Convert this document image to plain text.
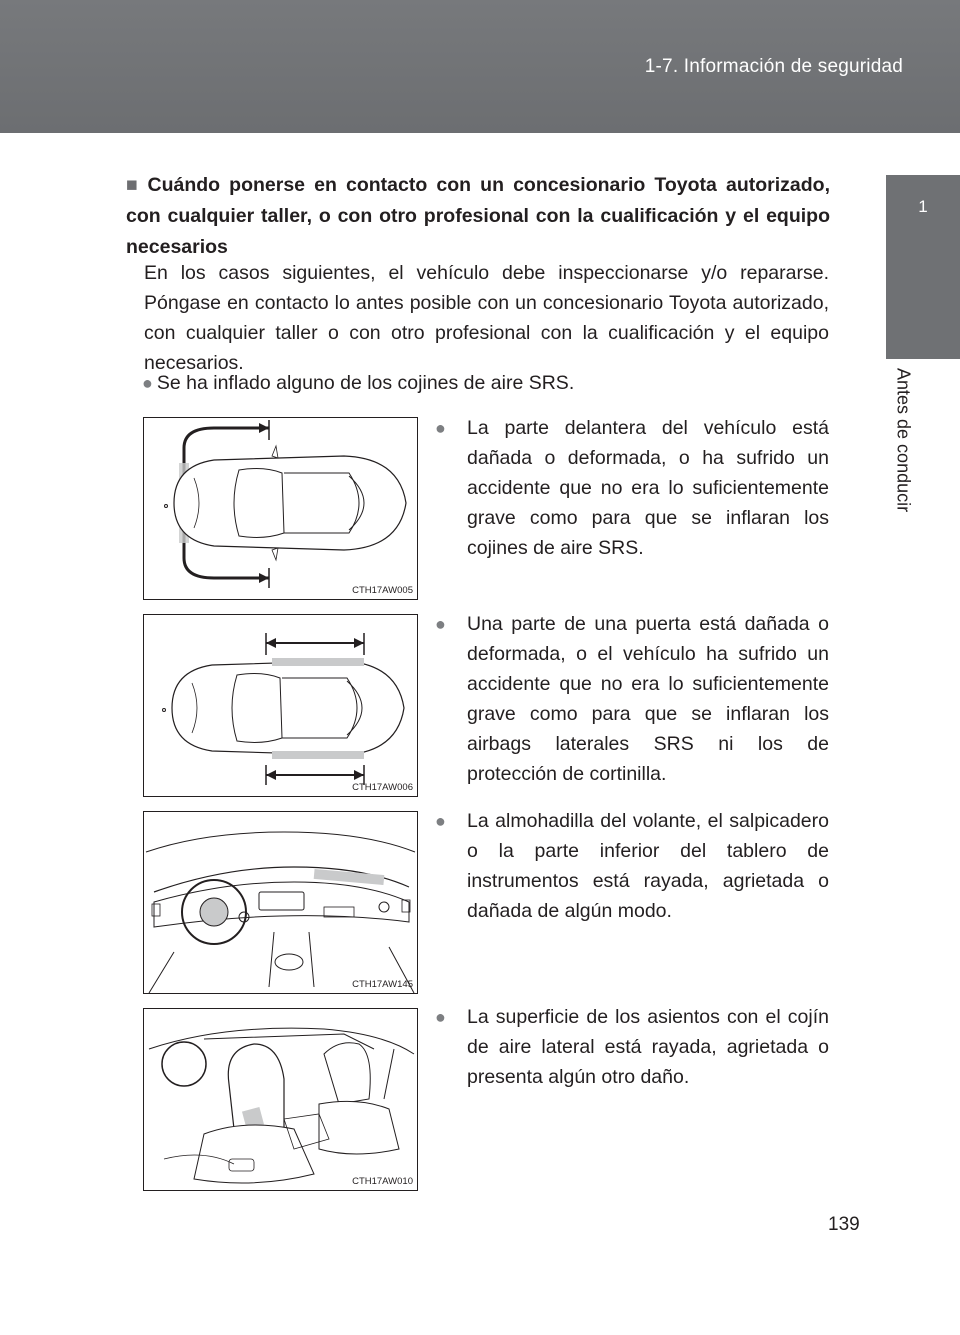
1-7. Información de seguridad
1
Antes de conducir
■ Cuándo ponerse en contacto con un concesionario Toyota autorizado, con cualquier taller, o con otro profesional con la cualificación y el equipo necesarios
En los casos siguientes, el vehículo debe inspeccionarse y/o repararse. Póngase en contacto lo antes posible con un concesionario Toyota autorizado, con cualquier taller o con otro profesional con la cualificación y el equipo necesarios.
● Se ha inflado alguno de los cojines de aire SRS.
CTH17AW005
● La parte delantera del vehículo está dañada o deformada, o ha sufrido un accidente que no era lo suficientemente grave como para que se inflaran los cojines de aire SRS.
CTH17AW006
● Una parte de una puerta está dañada o deformada, o el vehículo ha sufrido un accidente que no era lo suficientemente grave como para que se inflaran los airbags laterales SRS ni los de protección de cortinilla.
CTH17AW145
● La almohadilla del volante, el salpicadero o la parte inferior del tablero de instrumentos está rayada, agrietada o dañada de algún modo.
CTH17AW010
● La superficie de los asientos con el cojín de aire lateral está rayada, agrietada o presenta algún otro daño.
139
